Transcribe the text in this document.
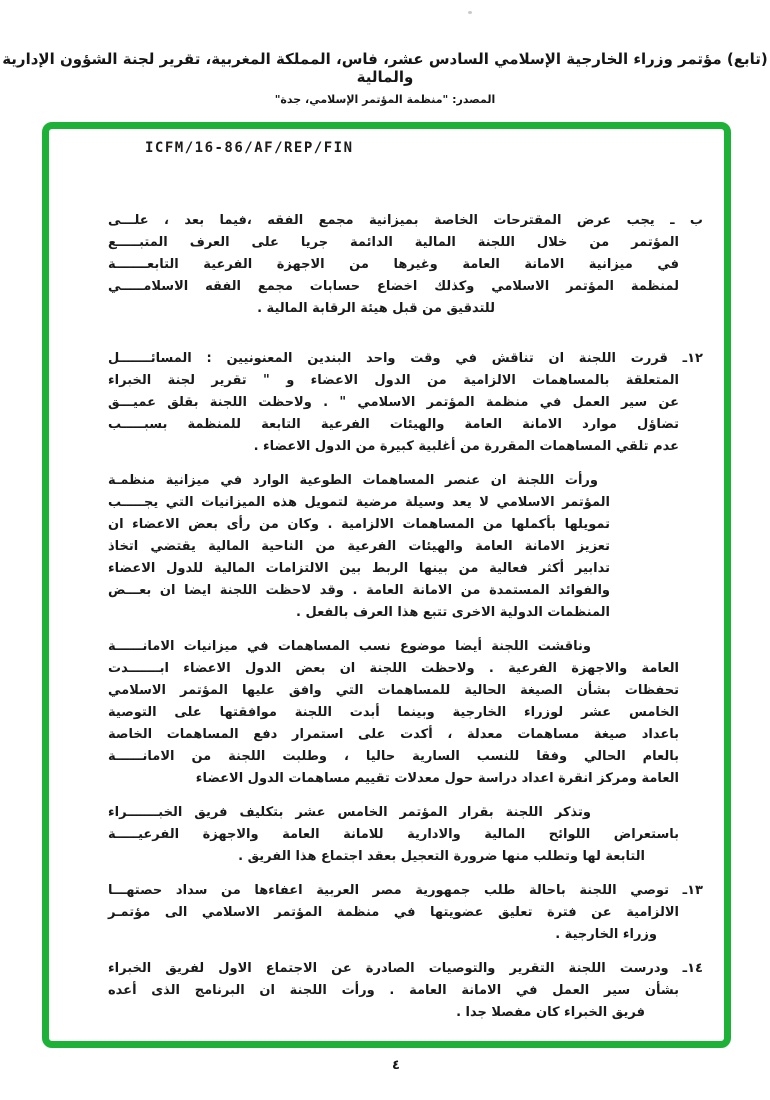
(تابع) مؤتمر وزراء الخارجية الإسلامي السادس عشر، فاس، المملكة المغربية، تقرير لجنة الشؤون الإدارية والمالية
المصدر: "منظمة المؤتمر الإسلامي، جدة"
ICFM/16-86/AF/REP/FIN
ب ـ يجب عرض المقترحات الخاصة بميزانية مجمع الفقه ،فيما بعد ، علـــى
المؤتمر من خلال اللجنة المالية الدائمة جريا على العرف المتبـــــع
في ميزانية الامانة العامة وغيرها من الاجهزة الفرعية التابعـــــــة
لمنظمة المؤتمر الاسلامي وكذلك اخضاع حسابات مجمع الفقه الاسلامـــــي
للتدقيق من قبل هيئة الرقابة المالية .
١٢ـ قررت اللجنة ان تناقش في وقت واحد البندين المعنونيين : المسائـــــــل
المتعلقة بالمساهمات الالزامية من الدول الاعضاء و " تقرير لجنة الخبراء
عن سير العمل في منظمة المؤتمر الاسلامي " . ولاحظت اللجنة بقلق عميـــق
تضاؤل موارد الامانة العامة والهيئات الفرعية التابعة للمنظمة بسبـــــب
عدم تلقي المساهمات المقررة من أغلبية كبيرة من الدول الاعضاء .
ورأت اللجنة ان عنصر المساهمات الطوعية الوارد في ميزانية منظمـة
المؤتمر الاسلامي لا يعد وسيلة مرضية لتمويل هذه الميزانيات التي يجـــــب
تمويلها بأكملها من المساهمات الالزامية . وكان من رأى بعض الاعضاء ان
تعزيز الامانة العامة والهيئات الفرعية من الناحية المالية يقتضي اتخاذ
تدابير أكثر فعالية من بينها الربط بين الالتزامات المالية للدول الاعضاء
والفوائد المستمدة من الامانة العامة . وقد لاحظت اللجنة ايضا ان بعـــض
المنظمات الدولية الاخرى تتبع هذا العرف بالفعل .
وناقشت اللجنة أيضا موضوع نسب المساهمات في ميزانيات الامانــــــة
العامة والاجهزة الفرعية . ولاحظت اللجنة ان بعض الدول الاعضاء ابـــــــدت
تحفظات بشأن الصيغة الحالية للمساهمات التي وافق عليها المؤتمر الاسلامي
الخامس عشر لوزراء الخارجية وبينما أبدت اللجنة موافقتها على التوصية
باعداد صيغة مساهمات معدلة ، أكدت على استمرار دفع المساهمات الخاصة
بالعام الحالي وفقا للنسب السارية حاليا ، وطلبت اللجنة من الامانــــــة
العامة ومركز انقرة اعداد دراسة حول معدلات تقييم مساهمات الدول الاعضاء
وتذكر اللجنة بقرار المؤتمر الخامس عشر بتكليف فريق الخبـــــــراء
باستعراض اللوائح المالية والادارية للامانة العامة والاجهزة الفرعيـــــة
التابعة لها وتطلب منها ضرورة التعجيل بعقد اجتماع هذا الفريق .
١٣ـ توصي اللجنة باحالة طلب جمهورية مصر العربية اعفاءها من سداد حصتهـــا
الالزامية عن فترة تعليق عضويتها في منظمة المؤتمر الاسلامي الى مؤتمـر
وزراء الخارجية .
١٤ـ ودرست اللجنة التقرير والتوصيات الصادرة عن الاجتماع الاول لفريق الخبراء
بشأن سير العمل في الامانة العامة . ورأت اللجنة ان البرنامج الذى أعده
فريق الخبراء كان مفصلا جدا .
٤
